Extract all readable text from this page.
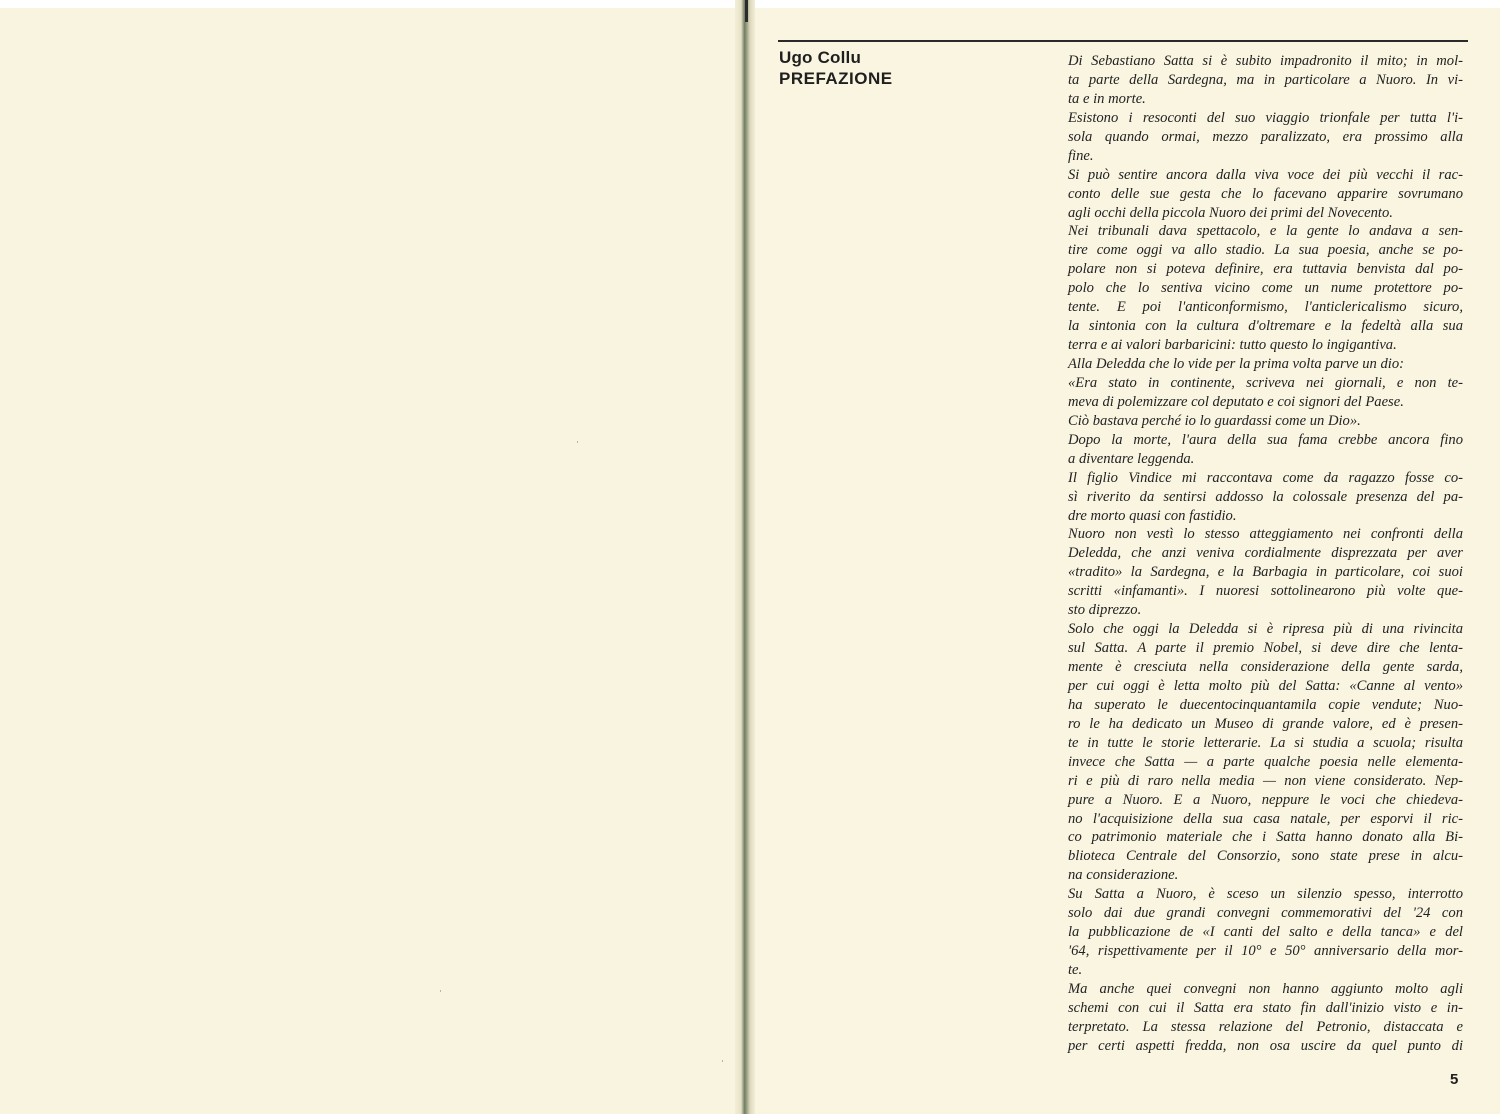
Ugo Collu
PREFAZIONE
Di Sebastiano Satta si è subito impadronito il mito; in mol-
ta parte della Sardegna, ma in particolare a Nuoro. In vi-
ta e in morte.
Esistono i resoconti del suo viaggio trionfale per tutta l'i-
sola quando ormai, mezzo paralizzato, era prossimo alla
fine.
Si può sentire ancora dalla viva voce dei più vecchi il rac-
conto delle sue gesta che lo facevano apparire sovrumano
agli occhi della piccola Nuoro dei primi del Novecento.
Nei tribunali dava spettacolo, e la gente lo andava a sen-
tire come oggi va allo stadio. La sua poesia, anche se po-
polare non si poteva definire, era tuttavia benvista dal po-
polo che lo sentiva vicino come un nume protettore po-
tente. E poi l'anticonformismo, l'anticlericalismo sicuro,
la sintonia con la cultura d'oltremare e la fedeltà alla sua
terra e ai valori barbaricini: tutto questo lo ingigantiva.
Alla Deledda che lo vide per la prima volta parve un dio:
«Era stato in continente, scriveva nei giornali, e non te-
meva di polemizzare col deputato e coi signori del Paese.
Ciò bastava perché io lo guardassi come un Dio».
Dopo la morte, l'aura della sua fama crebbe ancora fino
a diventare leggenda.
Il figlio Vindice mi raccontava come da ragazzo fosse co-
sì riverito da sentirsi addosso la colossale presenza del pa-
dre morto quasi con fastidio.
Nuoro non vestì lo stesso atteggiamento nei confronti della
Deledda, che anzi veniva cordialmente disprezzata per aver
«tradito» la Sardegna, e la Barbagia in particolare, coi suoi
scritti «infamanti». I nuoresi sottolinearono più volte que-
sto diprezzo.
Solo che oggi la Deledda si è ripresa più di una rivincita
sul Satta. A parte il premio Nobel, si deve dire che lenta-
mente è cresciuta nella considerazione della gente sarda,
per cui oggi è letta molto più del Satta: «Canne al vento»
ha superato le duecentocinquantamila copie vendute; Nuo-
ro le ha dedicato un Museo di grande valore, ed è presen-
te in tutte le storie letterarie. La si studia a scuola; risulta
invece che Satta — a parte qualche poesia nelle elementa-
ri e più di raro nella media — non viene considerato. Nep-
pure a Nuoro. E a Nuoro, neppure le voci che chiedeva-
no l'acquisizione della sua casa natale, per esporvi il ric-
co patrimonio materiale che i Satta hanno donato alla Bi-
blioteca Centrale del Consorzio, sono state prese in alcu-
na considerazione.
Su Satta a Nuoro, è sceso un silenzio spesso, interrotto
solo dai due grandi convegni commemorativi del '24 con
la pubblicazione de «I canti del salto e della tanca» e del
'64, rispettivamente per il 10° e 50° anniversario della mor-
te.
Ma anche quei convegni non hanno aggiunto molto agli
schemi con cui il Satta era stato fin dall'inizio visto e in-
terpretato. La stessa relazione del Petronio, distaccata e
per certi aspetti fredda, non osa uscire da quel punto di
5
